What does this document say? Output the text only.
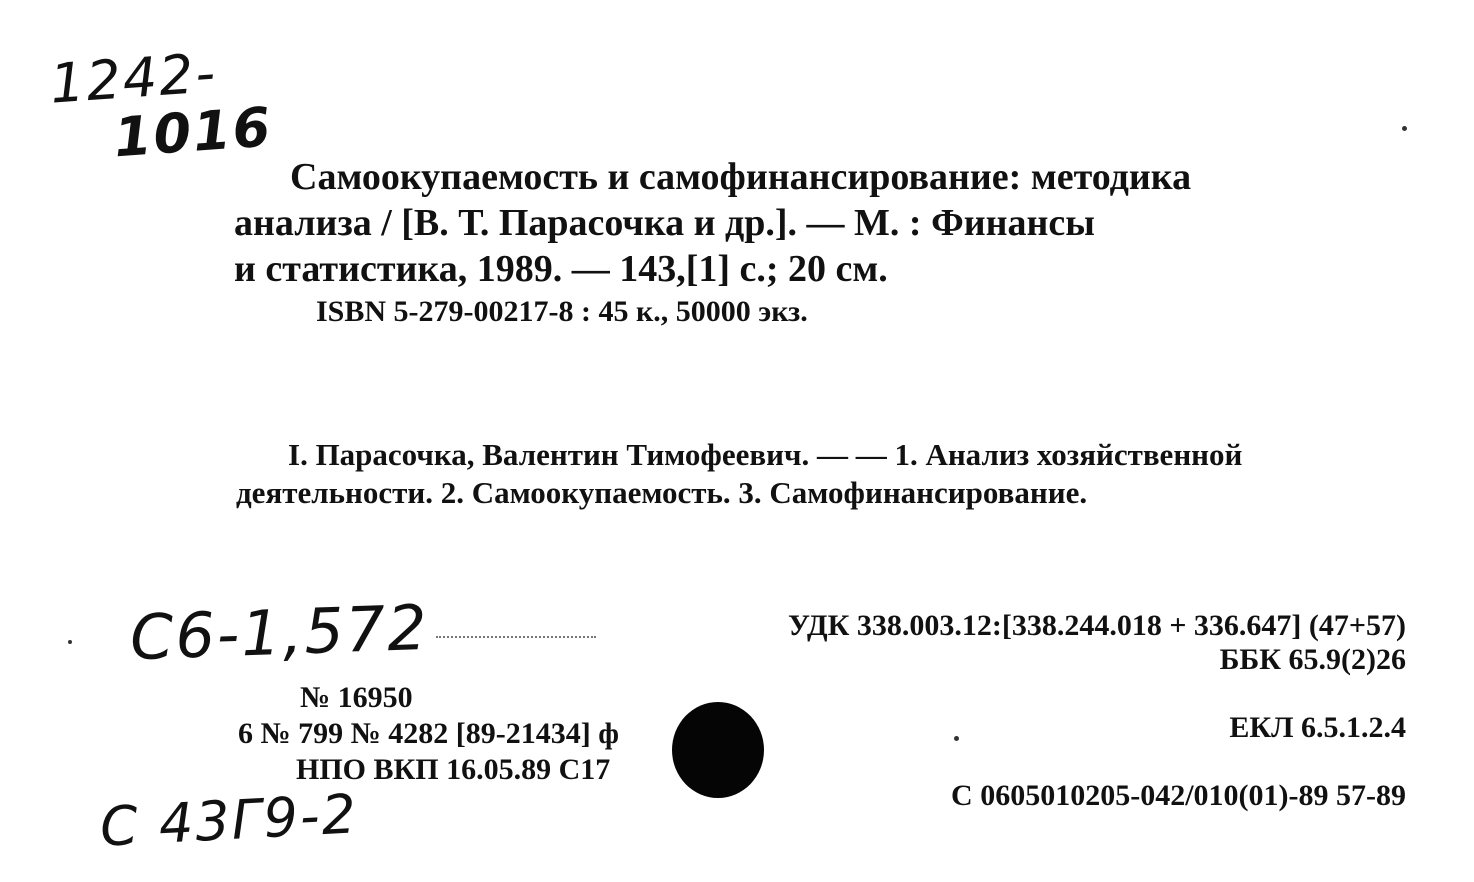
1242-
1016
Самоокупаемость и самофинансирование: методика
анализа / [В. Т. Парасочка и др.]. — М. : Финансы
и статистика, 1989. — 143,[1] с.; 20 см.
ISBN 5-279-00217-8 : 45 к., 50000 экз.
I. Парасочка, Валентин Тимофеевич. — — 1. Анализ хозяйственной
деятельности. 2. Самоокупаемость. 3. Самофинансирование.
C6-1,572	УДК 338.003.12:[338.244.018 + 336.647] (47+57)
ББК 65.9(2)26
ЕКЛ 6.5.1.2.4
С 0605010205-042/010(01)-89 57-89
№ 16950
6 № 799 № 4282 [89-21434] ф
НПО ВКП 16.05.89 С17
C 43Г9-2
